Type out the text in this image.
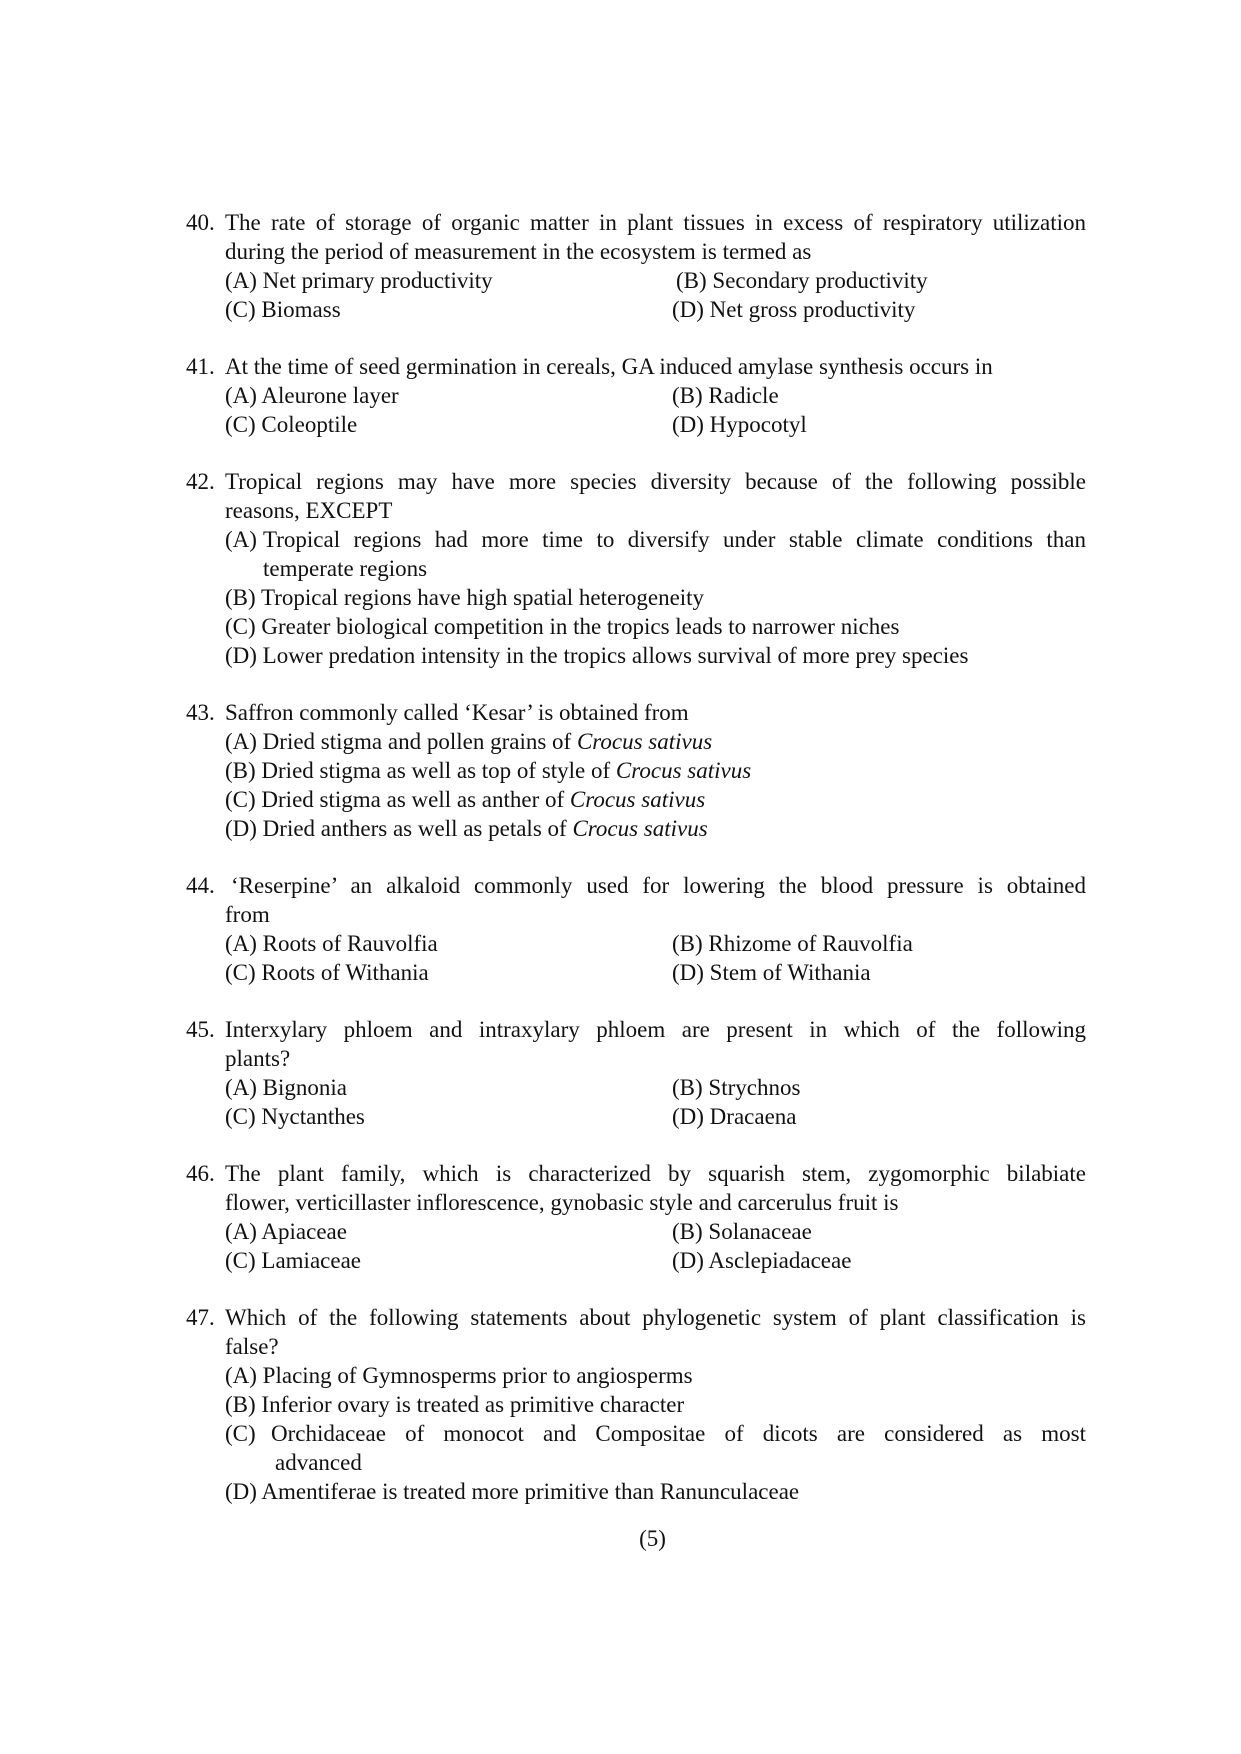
40. The rate of storage of organic matter in plant tissues in excess of respiratory utilization
during the period of measurement in the ecosystem is termed as
(A) Net primary productivity	(B) Secondary productivity
(C) Biomass	(D) Net gross productivity
41. At the time of seed germination in cereals, GA induced amylase synthesis occurs in
(A) Aleurone layer	(B) Radicle
(C) Coleoptile	(D) Hypocotyl
42. Tropical regions may have more species diversity because of the following possible
reasons, EXCEPT
(A) Tropical regions had more time to diversify under stable climate conditions than
temperate regions
(B) Tropical regions have high spatial heterogeneity
(C) Greater biological competition in the tropics leads to narrower niches
(D) Lower predation intensity in the tropics allows survival of more prey species
43. Saffron commonly called ‘Kesar’ is obtained from
(A) Dried stigma and pollen grains of Crocus sativus
(B) Dried stigma as well as top of style of Crocus sativus
(C) Dried stigma as well as anther of Crocus sativus
(D) Dried anthers as well as petals of Crocus sativus
44. ‘Reserpine’ an alkaloid commonly used for lowering the blood pressure is obtained
from
(A) Roots of Rauvolfia	(B) Rhizome of Rauvolfia
(C) Roots of Withania	(D) Stem of Withania
45. Interxylary phloem and intraxylary phloem are present in which of the following
plants?
(A) Bignonia	(B) Strychnos
(C) Nyctanthes	(D) Dracaena
46. The plant family, which is characterized by squarish stem, zygomorphic bilabiate
flower, verticillaster inflorescence, gynobasic style and carcerulus fruit is
(A) Apiaceae	(B) Solanaceae
(C) Lamiaceae	(D) Asclepiadaceae
47. Which of the following statements about phylogenetic system of plant classification is
false?
(A) Placing of Gymnosperms prior to angiosperms
(B) Inferior ovary is treated as primitive character
(C) Orchidaceae of monocot and Compositae of dicots are considered as most
advanced
(D) Amentiferae is treated more primitive than Ranunculaceae
(5)
